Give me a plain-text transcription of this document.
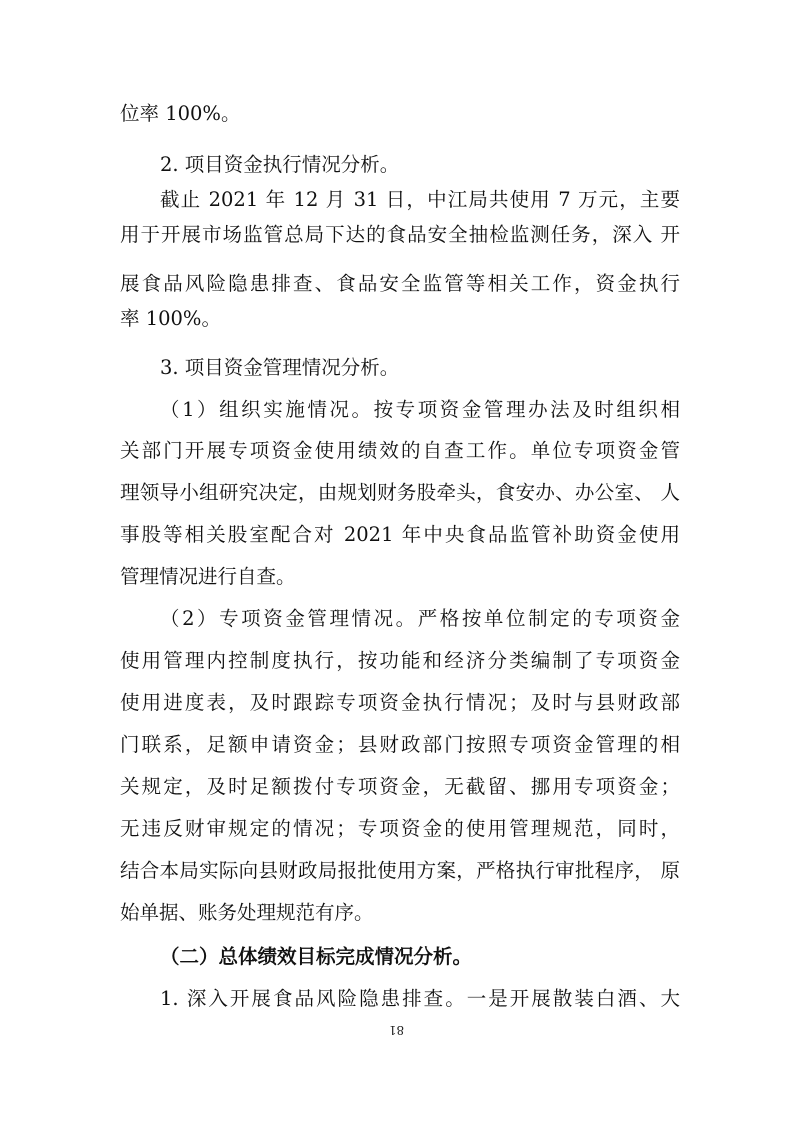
位率 100%。
2. 项目资金执行情况分析。
截止 2021 年 12 月 31 日，中江局共使用 7 万元，主要
用于开展市场监管总局下达的食品安全抽检监测任务，深入 开
展食品风险隐患排查、食品安全监管等相关工作，资金执行
率 100%。
3. 项目资金管理情况分析。
（1）组织实施情况。按专项资金管理办法及时组织相
关部门开展专项资金使用绩效的自查工作。单位专项资金管
理领导小组研究决定，由规划财务股牵头，食安办、办公室、 人
事股等相关股室配合对 2021 年中央食品监管补助资金使用
管理情况进行自查。
（2）专项资金管理情况。严格按单位制定的专项资金
使用管理内控制度执行，按功能和经济分类编制了专项资金
使用进度表，及时跟踪专项资金执行情况；及时与县财政部
门联系，足额申请资金；县财政部门按照专项资金管理的相
关规定，及时足额拨付专项资金，无截留、挪用专项资金；
无违反财审规定的情况；专项资金的使用管理规范，同时，
结合本局实际向县财政局报批使用方案，严格执行审批程序， 原
始单据、账务处理规范有序。
（二）总体绩效目标完成情况分析。
1. 深入开展食品风险隐患排查。一是开展散装白酒、大
81
